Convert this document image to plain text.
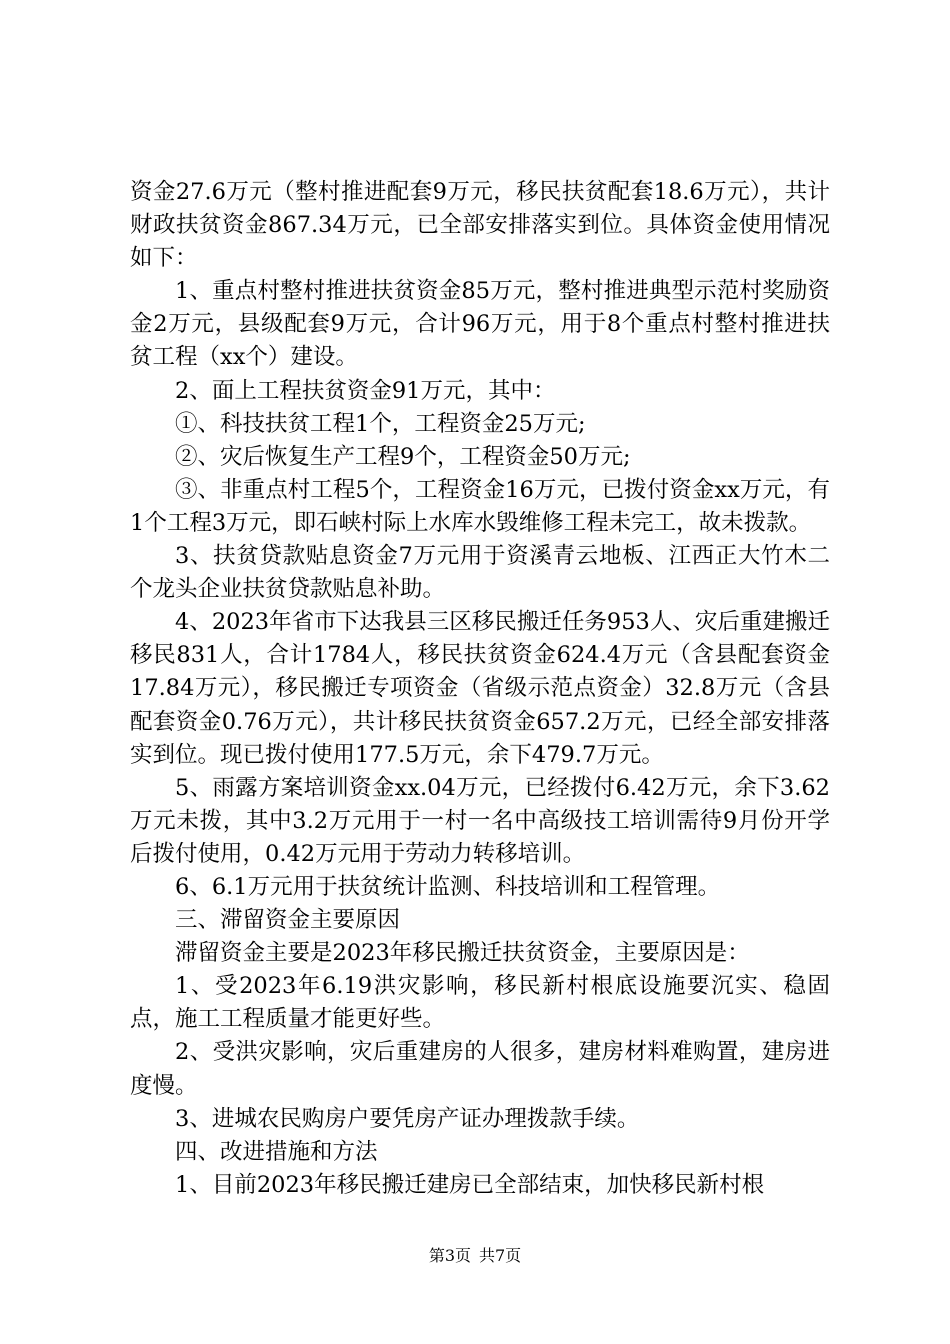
资金27.6万元（整村推进配套9万元，移民扶贫配套18.6万元），共计财政扶贫资金867.34万元，已全部安排落实到位。具体资金使用情况如下：

1、重点村整村推进扶贫资金85万元，整村推进典型示范村奖励资金2万元，县级配套9万元，合计96万元，用于8个重点村整村推进扶贫工程（xx个）建设。

2、面上工程扶贫资金91万元，其中：

①、科技扶贫工程1个，工程资金25万元;

②、灾后恢复生产工程9个，工程资金50万元;

③、非重点村工程5个，工程资金16万元，已拨付资金xx万元，有1个工程3万元，即石峡村际上水库水毁维修工程未完工，故未拨款。

3、扶贫贷款贴息资金7万元用于资溪青云地板、江西正大竹木二个龙头企业扶贫贷款贴息补助。

4、2023年省市下达我县三区移民搬迁任务953人、灾后重建搬迁移民831人，合计1784人，移民扶贫资金624.4万元（含县配套资金17.84万元），移民搬迁专项资金（省级示范点资金）32.8万元（含县配套资金0.76万元），共计移民扶贫资金657.2万元，已经全部安排落实到位。现已拨付使用177.5万元，余下479.7万元。

5、雨露方案培训资金xx.04万元，已经拨付6.42万元，余下3.62万元未拨，其中3.2万元用于一村一名中高级技工培训需待9月份开学后拨付使用，0.42万元用于劳动力转移培训。

6、6.1万元用于扶贫统计监测、科技培训和工程管理。

三、滞留资金主要原因

滞留资金主要是2023年移民搬迁扶贫资金，主要原因是：

1、受2023年6.19洪灾影响，移民新村根底设施要沉实、稳固点，施工工程质量才能更好些。

2、受洪灾影响，灾后重建房的人很多，建房材料难购置，建房进度慢。

3、进城农民购房户要凭房产证办理拨款手续。

四、改进措施和方法

1、目前2023年移民搬迁建房已全部结束，加快移民新村根

第3页 共7页
